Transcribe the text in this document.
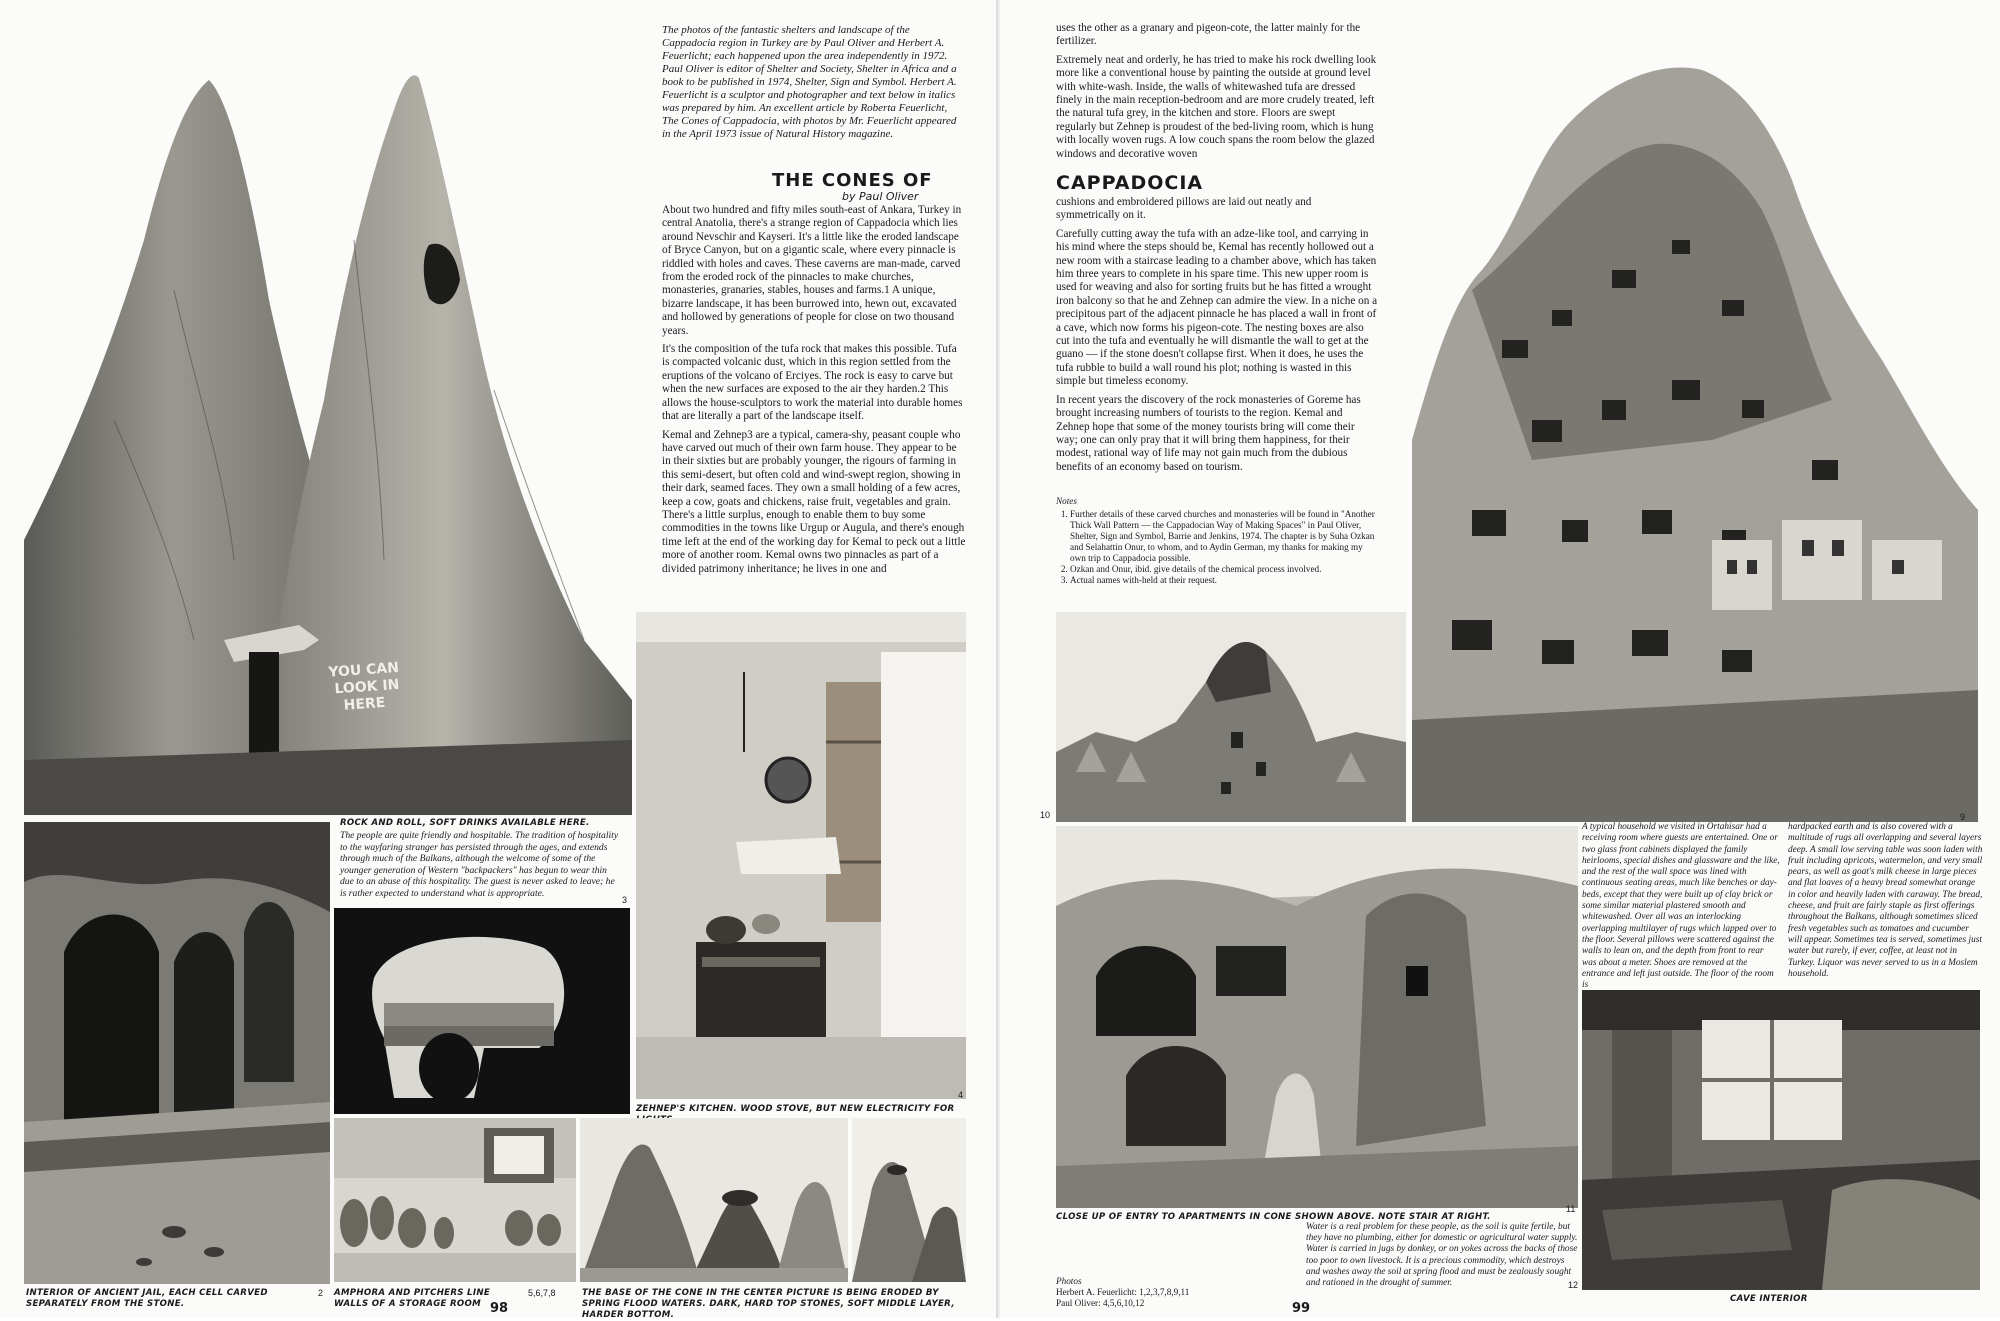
YOU CAN
LOOK IN
HERE
The photos of the fantastic shelters and landscape of the Cappadocia region in Turkey are by Paul Oliver and Herbert A. Feuerlicht; each happened upon the area independently in 1972. Paul Oliver is editor of Shelter and Society, Shelter in Africa and a book to be published in 1974, Shelter, Sign and Symbol. Herbert A. Feuerlicht is a sculptor and photographer and text below in italics was prepared by him. An excellent article by Roberta Feuerlicht, The Cones of Cappadocia, with photos by Mr. Feuerlicht appeared in the April 1973 issue of Natural History magazine.
THE CONES OF
by Paul Oliver

About two hundred and fifty miles south-east of Ankara, Turkey in central Anatolia, there's a strange region of Cappadocia which lies around Nevschir and Kayseri. It's a little like the eroded landscape of Bryce Canyon, but on a gigantic scale, where every pinnacle is riddled with holes and caves. These caverns are man-made, carved from the eroded rock of the pinnacles to make churches, monasteries, granaries, stables, houses and farms.1 A unique, bizarre landscape, it has been burrowed into, hewn out, excavated and hollowed by generations of people for close on two thousand years.

It's the composition of the tufa rock that makes this possible. Tufa is compacted volcanic dust, which in this region settled from the eruptions of the volcano of Erciyes. The rock is easy to carve but when the new surfaces are exposed to the air they harden.2 This allows the house-sculptors to work the material into durable homes that are literally a part of the landscape itself.

Kemal and Zehnep3 are a typical, camera-shy, peasant couple who have carved out much of their own farm house. They appear to be in their sixties but are probably younger, the rigours of farming in this semi-desert, but often cold and wind-swept region, showing in their dark, seamed faces. They own a small holding of a few acres, keep a cow, goats and chickens, raise fruit, vegetables and grain. There's a little surplus, enough to enable them to buy some commodities in the towns like Urgup or Augula, and there's enough time left at the end of the working day for Kemal to peck out a little more of another room. Kemal owns two pinnacles as part of a divided patrimony inheritance; he lives in one and

ROCK AND ROLL, SOFT DRINKS AVAILABLE HERE.
The people are quite friendly and hospitable. The tradition of hospitality to the wayfaring stranger has persisted through the ages, and extends through much of the Balkans, although the welcome of some of the younger generation of Western "backpackers" has begun to wear thin due to an abuse of this hospitality. The guest is never asked to leave; he is rather expected to understand what is appropriate.
3
4
ZEHNEP'S KITCHEN. WOOD STOVE, BUT NEW ELECTRICITY FOR
INTERIOR OF ANCIENT JAIL, EACH CELL CARVED SEPARATELY FROM THE STONE.
2 AMPHORA AND PITCHERS LINE WALLS OF A STORAGE ROOM
5,6,7,8	THE BASE OF THE CONE IN THE CENTER PICTURE IS BEING ERODED BY SPRING FLOOD WATERS. DARK, HARD TOP STONES, SOFT MIDDLE LAYER, HARDER BOTTOM.
98

uses the other as a granary and pigeon-cote, the latter mainly for the fertilizer.

Extremely neat and orderly, he has tried to make his rock dwelling look more like a conventional house by painting the outside at ground level with white-wash. Inside, the walls of whitewashed tufa are dressed finely in the main reception-bedroom and are more crudely treated, left the natural tufa grey, in the kitchen and store. Floors are swept regularly but Zehnep is proudest of the bed-living room, which is hung with locally woven rugs. A low couch spans the room below the glazed windows and decorative woven

CAPPADOCIA

cushions and embroidered pillows are laid out neatly and symmetrically on it.

Carefully cutting away the tufa with an adze-like tool, and carrying in his mind where the steps should be, Kemal has recently hollowed out a new room with a staircase leading to a chamber above, which has taken him three years to complete in his spare time. This new upper room is used for weaving and also for sorting fruits but he has fitted a wrought iron balcony so that he and Zehnep can admire the view. In a niche on a precipitous part of the adjacent pinnacle he has placed a wall in front of a cave, which now forms his pigeon-cote. The nesting boxes are also cut into the tufa and eventually he will dismantle the wall to get at the guano — if the stone doesn't collapse first. When it does, he uses the tufa rubble to build a wall round his plot; nothing is wasted in this simple but timeless economy.

In recent years the discovery of the rock monasteries of Goreme has brought increasing numbers of tourists to the region. Kemal and Zehnep hope that some of the money tourists bring will come their way; one can only pray that it will bring them happiness, for their modest, rational way of life may not gain much from the dubious benefits of an economy based on tourism.

Notes
1. Further details of these carved churches and monasteries will be found in "Another Thick Wall Pattern — the Cappadocian Way of Making Spaces" in Paul Oliver, Shelter, Sign and Symbol, Barrie and Jenkins, 1974. The chapter is by Suha Ozkan and Selahattin Onur, to whom, and to Aydin German, my thanks for making my own trip to Cappadocia possible.
2. Ozkan and Onur, ibid. give details of the chemical process involved.
3. Actual names with-held at their request.
9
10
11
A typical household we visited in Ortahisar had a receiving room where guests are entertained. One or two glass front cabinets displayed the family heirlooms, special dishes and glassware and the like, and the rest of the wall space was lined with continuous seating areas, much like benches or day-beds, except that they were built up of clay brick or some similar material plastered smooth and whitewashed. Over all was an interlocking overlapping multilayer of rugs which lapped over to the floor. Several pillows were scattered against the walls to lean on, and the depth from front to rear was about a meter. Shoes are removed at the entrance and left just outside. The floor of the room is
hardpacked earth and is also covered with a multitude of rugs all overlapping and several layers deep. A small low serving table was soon laden with fruit including apricots, watermelon, and very small pears, as well as goat's milk cheese in large pieces and flat loaves of a heavy bread somewhat orange in color and heavily laden with caraway. The bread, cheese, and fruit are fairly staple as first offerings throughout the Balkans, although sometimes sliced fresh vegetables such as tomatoes and cucumber will appear. Sometimes tea is served, sometimes just water but rarely, if ever, coffee, at least not in Turkey. Liquor was never served to us in a Moslem household.
12
CLOSE UP OF ENTRY TO APARTMENTS IN CONE SHOWN ABOVE. NOTE STAIR AT RIGHT.
Water is a real problem for these people, as the soil is quite fertile, but they have no plumbing, either for domestic or agricultural water supply. Water is carried in jugs by donkey, or on yokes across the backs of those too poor to own livestock. It is a precious commodity, which destroys and washes away the soil at spring flood and must be zealously sought and rationed in the drought of summer.
Photos
Herbert A. Feuerlicht: 1,2,3,7,8,9,11
Paul Oliver: 4,5,6,10,12	99
CAVE INTERIOR
